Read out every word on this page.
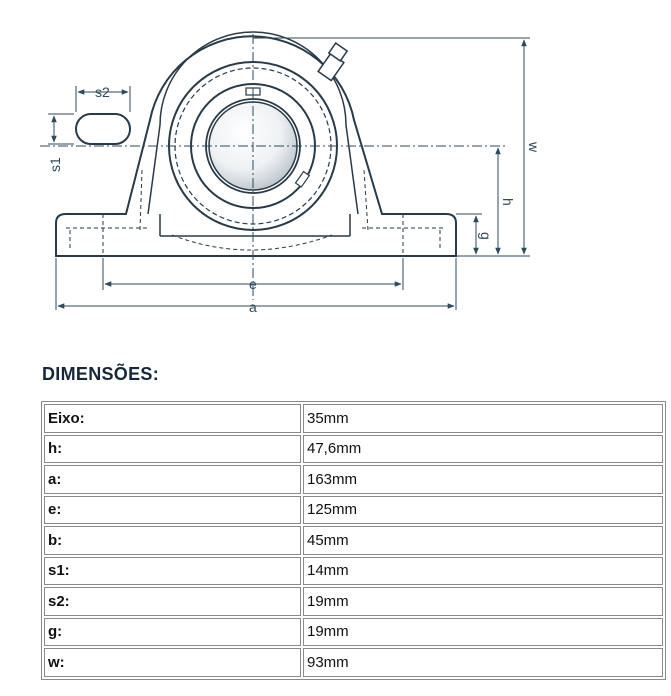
s2
s1
e
a
h
g
w
DIMENSÕES:
Eixo:	35mm
h:	47,6mm
a:	163mm
e:	125mm
b:	45mm
s1:	14mm
s2:	19mm
g:	19mm
w:	93mm
